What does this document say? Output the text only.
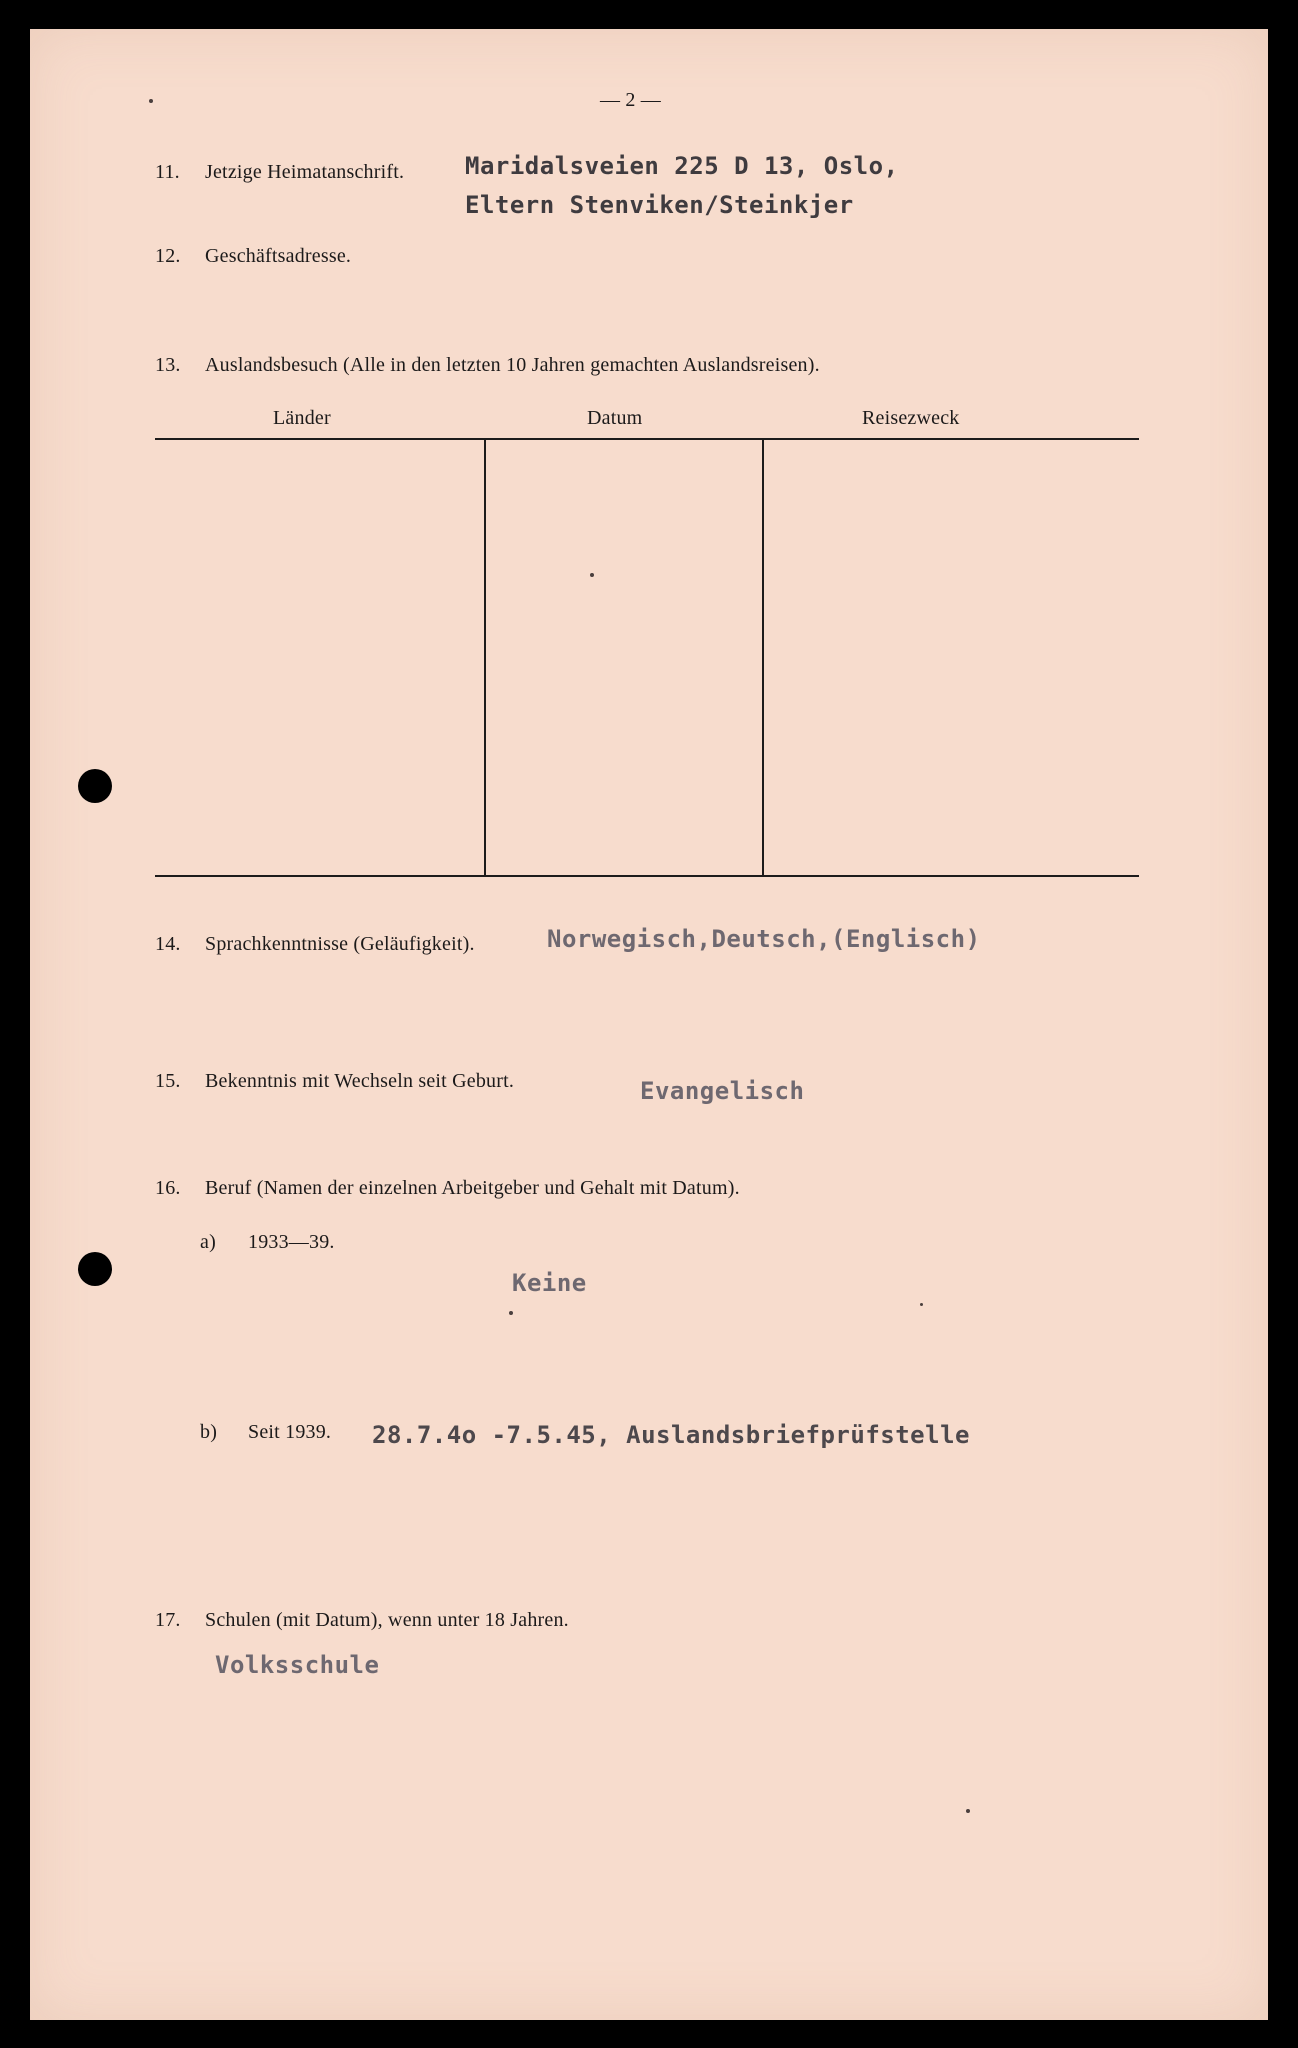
— 2 —
11. Jetzige Heimatanschrift.	Maridalsveien 225 D 13, Oslo,
Eltern Stenviken/Steinkjer
12. Geschäftsadresse.
13. Auslandsbesuch (Alle in den letzten 10 Jahren gemachten Auslandsreisen).
Länder	Datum	Reisezweck
14. Sprachkenntnisse (Geläufigkeit).	Norwegisch,Deutsch,(Englisch)
15. Bekenntnis mit Wechseln seit Geburt.	Evangelisch
16. Beruf (Namen der einzelnen Arbeitgeber und Gehalt mit Datum).
a) 1933—39.
Keine
b) Seit 1939. 28.7.4o -7.5.45, Auslandsbriefprüfstelle
17. Schulen (mit Datum), wenn unter 18 Jahren.
Volksschule
